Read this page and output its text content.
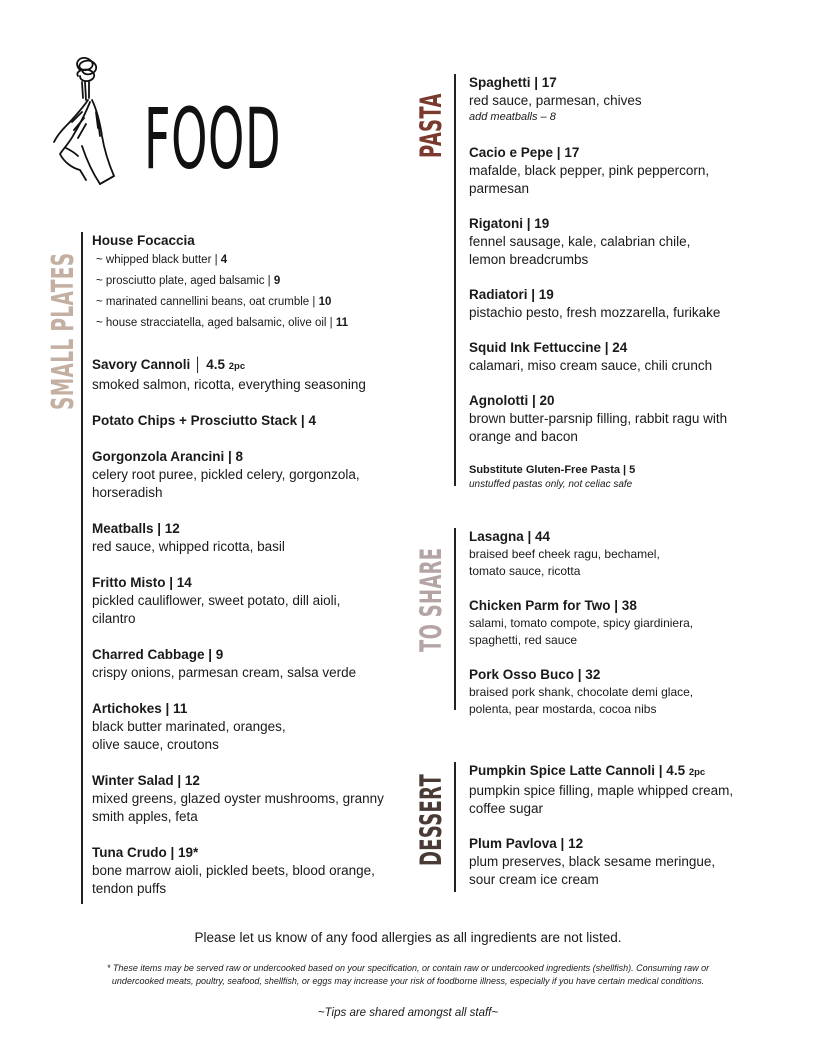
FOOD
SMALL PLATES
House Focaccia
~ whipped black butter | 4
~ prosciutto plate, aged balsamic | 9
~ marinated cannellini beans, oat crumble | 10
~ house stracciatella, aged balsamic, olive oil | 11
Savory Cannoli │ 4.5 2pc
smoked salmon, ricotta, everything seasoning
Potato Chips + Prosciutto Stack | 4
Gorgonzola Arancini | 8
celery root puree, pickled celery, gorgonzola, horseradish
Meatballs | 12
red sauce, whipped ricotta, basil
Fritto Misto | 14
pickled cauliflower, sweet potato, dill aioli, cilantro
Charred Cabbage | 9
crispy onions, parmesan cream, salsa verde
Artichokes | 11
black butter marinated, oranges, olive sauce, croutons
Winter Salad | 12
mixed greens, glazed oyster mushrooms, granny smith apples, feta
Tuna Crudo | 19*
bone marrow aioli, pickled beets, blood orange, tendon puffs
PASTA
Spaghetti | 17
red sauce, parmesan, chives
add meatballs – 8
Cacio e Pepe | 17
mafalde, black pepper, pink peppercorn, parmesan
Rigatoni | 19
fennel sausage, kale, calabrian chile, lemon breadcrumbs
Radiatori | 19
pistachio pesto, fresh mozzarella, furikake
Squid Ink Fettuccine | 24
calamari, miso cream sauce, chili crunch
Agnolotti | 20
brown butter-parsnip filling, rabbit ragu with orange and bacon
Substitute Gluten-Free Pasta | 5
unstuffed pastas only, not celiac safe
TO SHARE
Lasagna | 44
braised beef cheek ragu, bechamel, tomato sauce, ricotta
Chicken Parm for Two | 38
salami, tomato compote, spicy giardiniera, spaghetti, red sauce
Pork Osso Buco | 32
braised pork shank, chocolate demi glace, polenta, pear mostarda, cocoa nibs
DESSERT
Pumpkin Spice Latte Cannoli | 4.5 2pc
pumpkin spice filling, maple whipped cream, coffee sugar
Plum Pavlova | 12
plum preserves, black sesame meringue, sour cream ice cream
Please let us know of any food allergies as all ingredients are not listed.
* These items may be served raw or undercooked based on your specification, or contain raw or undercooked ingredients (shellfish). Consuming raw or undercooked meats, poultry, seafood, shellfish, or eggs may increase your risk of foodborne illness, especially if you have certain medical conditions.
~Tips are shared amongst all staff~
